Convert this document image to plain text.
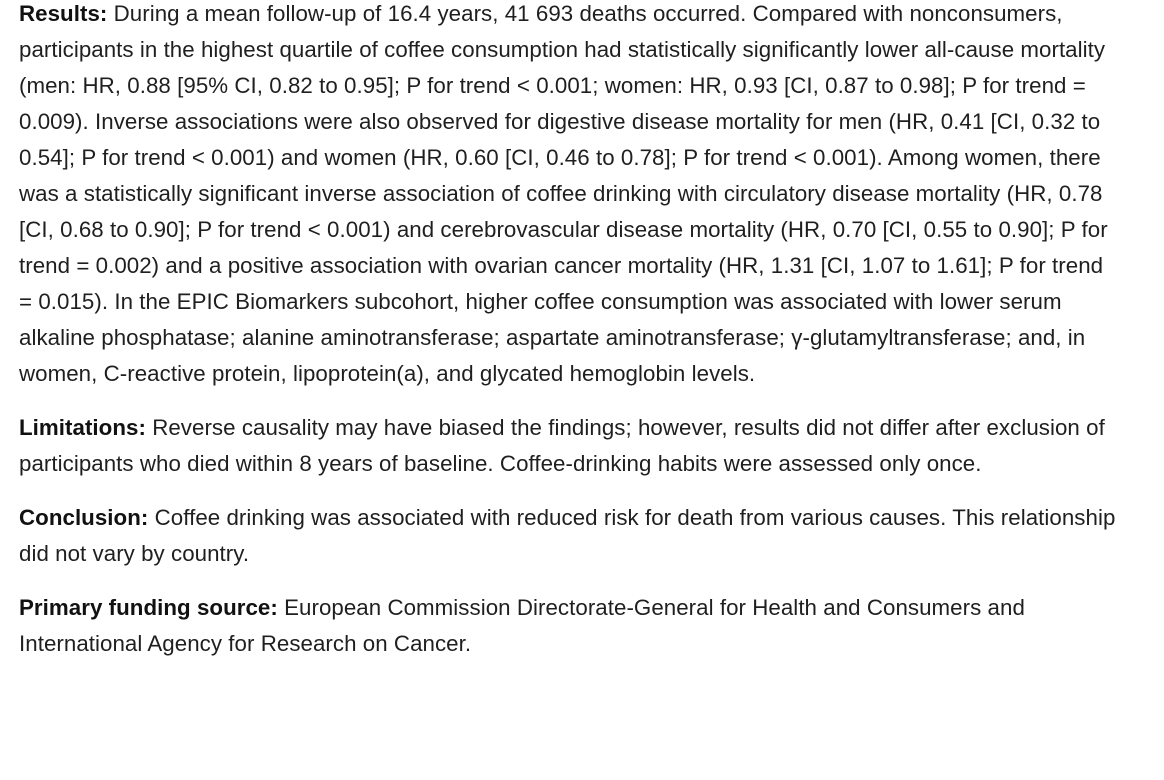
Results: During a mean follow-up of 16.4 years, 41 693 deaths occurred. Compared with nonconsumers, participants in the highest quartile of coffee consumption had statistically significantly lower all-cause mortality (men: HR, 0.88 [95% CI, 0.82 to 0.95]; P for trend < 0.001; women: HR, 0.93 [CI, 0.87 to 0.98]; P for trend = 0.009). Inverse associations were also observed for digestive disease mortality for men (HR, 0.41 [CI, 0.32 to 0.54]; P for trend < 0.001) and women (HR, 0.60 [CI, 0.46 to 0.78]; P for trend < 0.001). Among women, there was a statistically significant inverse association of coffee drinking with circulatory disease mortality (HR, 0.78 [CI, 0.68 to 0.90]; P for trend < 0.001) and cerebrovascular disease mortality (HR, 0.70 [CI, 0.55 to 0.90]; P for trend = 0.002) and a positive association with ovarian cancer mortality (HR, 1.31 [CI, 1.07 to 1.61]; P for trend = 0.015). In the EPIC Biomarkers subcohort, higher coffee consumption was associated with lower serum alkaline phosphatase; alanine aminotransferase; aspartate aminotransferase; γ-glutamyltransferase; and, in women, C-reactive protein, lipoprotein(a), and glycated hemoglobin levels.

Limitations: Reverse causality may have biased the findings; however, results did not differ after exclusion of participants who died within 8 years of baseline. Coffee-drinking habits were assessed only once.

Conclusion: Coffee drinking was associated with reduced risk for death from various causes. This relationship did not vary by country.

Primary funding source: European Commission Directorate-General for Health and Consumers and International Agency for Research on Cancer.
